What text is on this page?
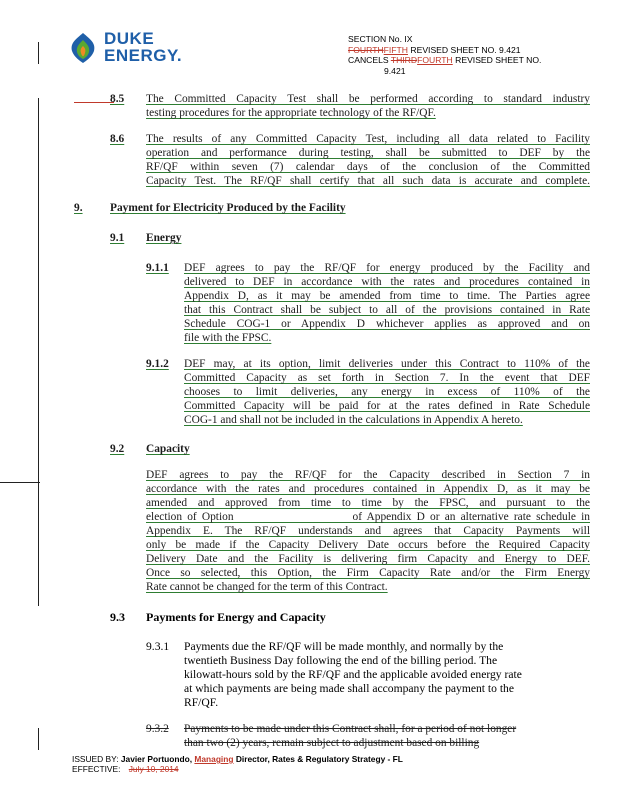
DUKE
ENERGY.
SECTION No. IX
FOURTHFIFTH REVISED SHEET NO. 9.421
CANCELS THIRDFOURTH REVISED SHEET NO.
9.421
8.5 The Committed Capacity Test shall be performed according to standard industry
testing procedures for the appropriate technology of the RF/QF.
8.6 The results of any Committed Capacity Test, including all data related to Facility
operation and performance during testing, shall be submitted to DEF by the
RF/QF within seven (7) calendar days of the conclusion of the Committed
Capacity Test. The RF/QF shall certify that all such data is accurate and complete.
9. Payment for Electricity Produced by the Facility
9.1 Energy
9.1.1 DEF agrees to pay the RF/QF for energy produced by the Facility and
delivered to DEF in accordance with the rates and procedures contained in
Appendix D, as it may be amended from time to time. The Parties agree
that this Contract shall be subject to all of the provisions contained in Rate
Schedule COG-1 or Appendix D whichever applies as approved and on
file with the FPSC.
9.1.2 DEF may, at its option, limit deliveries under this Contract to 110% of the
Committed Capacity as set forth in Section 7. In the event that DEF
chooses to limit deliveries, any energy in excess of 110% of the
Committed Capacity will be paid for at the rates defined in Rate Schedule
COG-1 and shall not be included in the calculations in Appendix A hereto.
9.2 Capacity
DEF agrees to pay the RF/QF for the Capacity described in Section 7 in
accordance with the rates and procedures contained in Appendix D, as it may be
amended and approved from time to time by the FPSC, and pursuant to the
election of Option                       of Appendix D or an alternative rate schedule in
Appendix E. The RF/QF understands and agrees that Capacity Payments will
only be made if the Capacity Delivery Date occurs before the Required Capacity
Delivery Date and the Facility is delivering firm Capacity and Energy to DEF.
Once so selected, this Option, the Firm Capacity Rate and/or the Firm Energy
Rate cannot be changed for the term of this Contract.
9.3 Payments for Energy and Capacity
9.3.1 Payments due the RF/QF will be made monthly, and normally by the
twentieth Business Day following the end of the billing period. The
kilowatt-hours sold by the RF/QF and the applicable avoided energy rate
at which payments are being made shall accompany the payment to the
RF/QF.
9.3.2 Payments to be made under this Contract shall, for a period of not longer
than two (2) years, remain subject to adjustment based on billing
ISSUED BY: Javier Portuondo, Managing Director, Rates & Regulatory Strategy - FL
EFFECTIVE: July 10, 2014
